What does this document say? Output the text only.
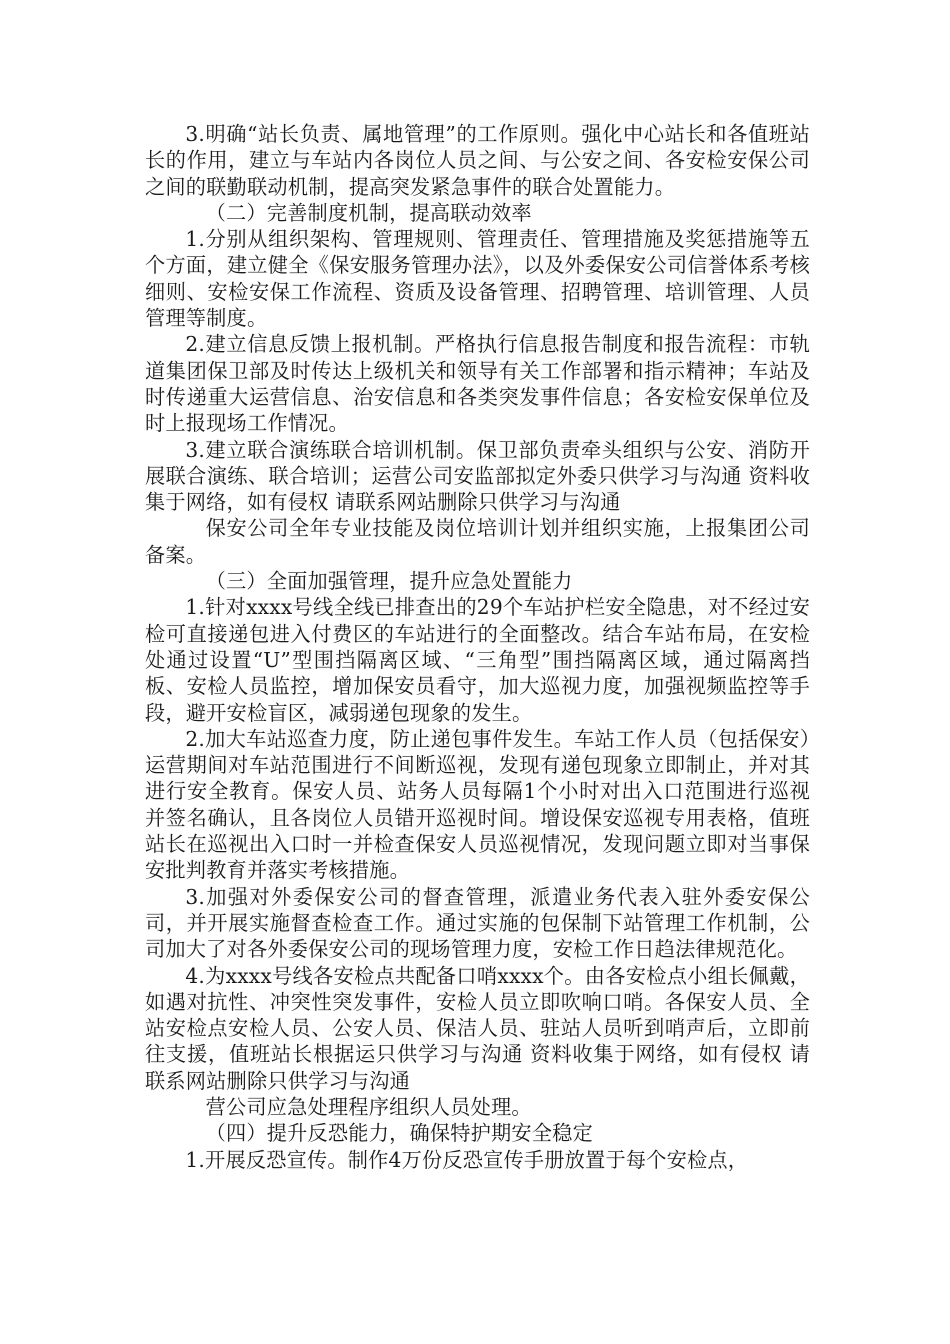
3.明确“站长负责、属地管理”的工作原则。强化中心站长和各值班站长的作用，建立与车站内各岗位人员之间、与公安之间、各安检安保公司之间的联勤联动机制，提高突发紧急事件的联合处置能力。

（二）完善制度机制，提高联动效率

1.分别从组织架构、管理规则、管理责任、管理措施及奖惩措施等五个方面，建立健全《保安服务管理办法》，以及外委保安公司信誉体系考核细则、安检安保工作流程、资质及设备管理、招聘管理、培训管理、人员管理等制度。

2.建立信息反馈上报机制。严格执行信息报告制度和报告流程：市轨道集团保卫部及时传达上级机关和领导有关工作部署和指示精神；车站及时传递重大运营信息、治安信息和各类突发事件信息；各安检安保单位及时上报现场工作情况。

3.建立联合演练联合培训机制。保卫部负责牵头组织与公安、消防开展联合演练、联合培训；运营公司安监部拟定外委只供学习与沟通 资料收集于网络，如有侵权 请联系网站删除只供学习与沟通

保安公司全年专业技能及岗位培训计划并组织实施，上报集团公司备案。

（三）全面加强管理，提升应急处置能力

1.针对xxxx号线全线已排查出的29个车站护栏安全隐患，对不经过安检可直接递包进入付费区的车站进行的全面整改。结合车站布局，在安检处通过设置“U”型围挡隔离区域、“三角型”围挡隔离区域，通过隔离挡板、安检人员监控，增加保安员看守，加大巡视力度，加强视频监控等手段，避开安检盲区，减弱递包现象的发生。

2.加大车站巡查力度，防止递包事件发生。车站工作人员（包括保安）运营期间对车站范围进行不间断巡视，发现有递包现象立即制止，并对其进行安全教育。保安人员、站务人员每隔1个小时对出入口范围进行巡视并签名确认，且各岗位人员错开巡视时间。增设保安巡视专用表格，值班站长在巡视出入口时一并检查保安人员巡视情况，发现问题立即对当事保安批判教育并落实考核措施。

3.加强对外委保安公司的督查管理，派遣业务代表入驻外委安保公司，并开展实施督查检查工作。通过实施的包保制下站管理工作机制，公司加大了对各外委保安公司的现场管理力度，安检工作日趋法律规范化。

4.为xxxx号线各安检点共配备口哨xxxx个。由各安检点小组长佩戴，如遇对抗性、冲突性突发事件，安检人员立即吹响口哨。各保安人员、全站安检点安检人员、公安人员、保洁人员、驻站人员听到哨声后，立即前往支援，值班站长根据运只供学习与沟通 资料收集于网络，如有侵权 请联系网站删除只供学习与沟通

营公司应急处理程序组织人员处理。

（四）提升反恐能力，确保特护期安全稳定

1.开展反恐宣传。制作4万份反恐宣传手册放置于每个安检点，
